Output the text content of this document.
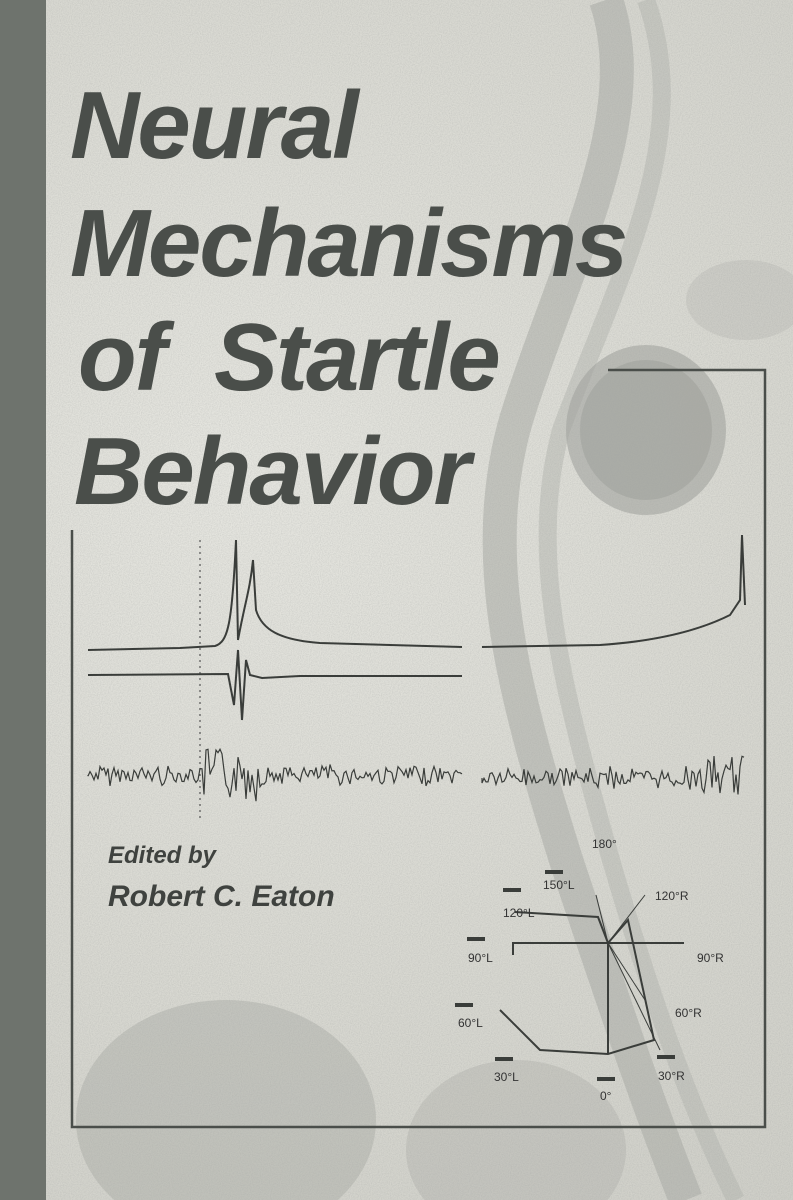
Neural
Mechanisms
of  Startle
Behavior
Edited by
Robert C. Eaton
180°
150°L
120°R
120°L
90°L	90°R
60°L
60°R
30°L	30°R
0°
